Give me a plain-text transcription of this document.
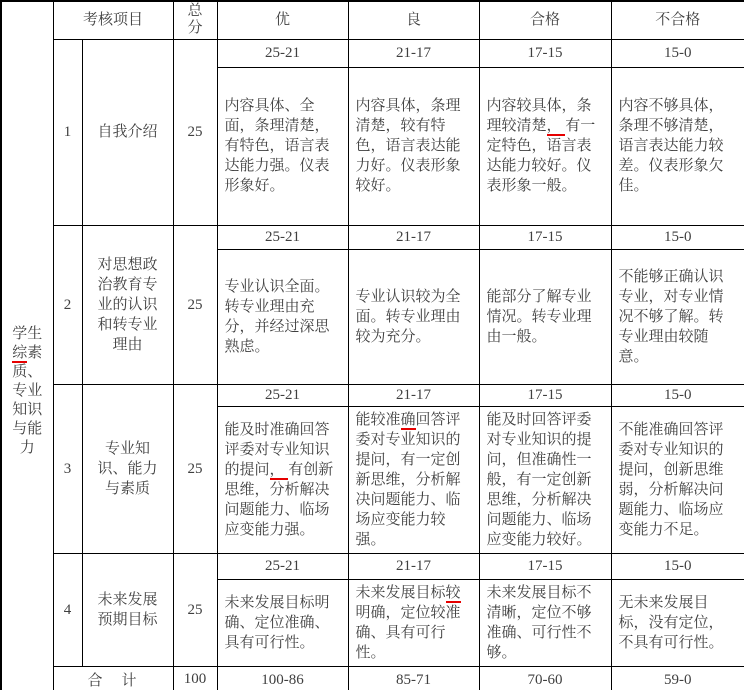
学生综素质、专业知识与能力	考核项目		总分	优	良	合格	不合格
	1	自我介绍	25	25-21	21-17	17-15	15-0
				内容具体、全面，条理清楚，有特色，语言表达能力强。仪表形象好。	内容具体，条理清楚，较有特色，语言表达能力好。仪表形象较好。	内容较具体，条理较清楚， 有一定特色，语言表达能力较好。仪表形象一般。	内容不够具体，条理不够清楚，语言表达能力较差。仪表形象欠佳。
	2	对思想政治教育专业的认识和转专业理由	25	25-21	21-17	17-15	15-0
				专业认识全面。转专业理由充分，并经过深思熟虑。	专业认识较为全面。转专业理由较为充分。	能部分了解专业情况。转专业理由一般。	不能够正确认识专业，对专业情况不够了解。转专业理由较随意。
	3	专业知识、能力与素质	25	25-21	21-17	17-15	15-0
				能及时准确回答评委对专业知识的提问， 有创新思维，分析解决问题能力、临场应变能力强。	能较准确回答评委对专业知识的提问，有一定创新思维，分析解决问题能力、临场应变能力较强。	能及时回答评委对专业知识的提问，但准确性一般，有一定创新思维，分析解决问题能力、临场应变能力较好。	不能准确回答评委对专业知识的提问，创新思维弱，分析解决问题能力、临场应变能力不足。
	4	未来发展预期目标	25	25-21	21-17	17-15	15-0
				未来发展目标明确、定位准确、具有可行性。	未来发展目标较明确，定位较准确、具有可行性。	未来发展目标不清晰，定位不够准确、可行性不够。	无未来发展目标，没有定位，不具有可行性。
	合　计		100	100-86	85-71	70-60	59-0
